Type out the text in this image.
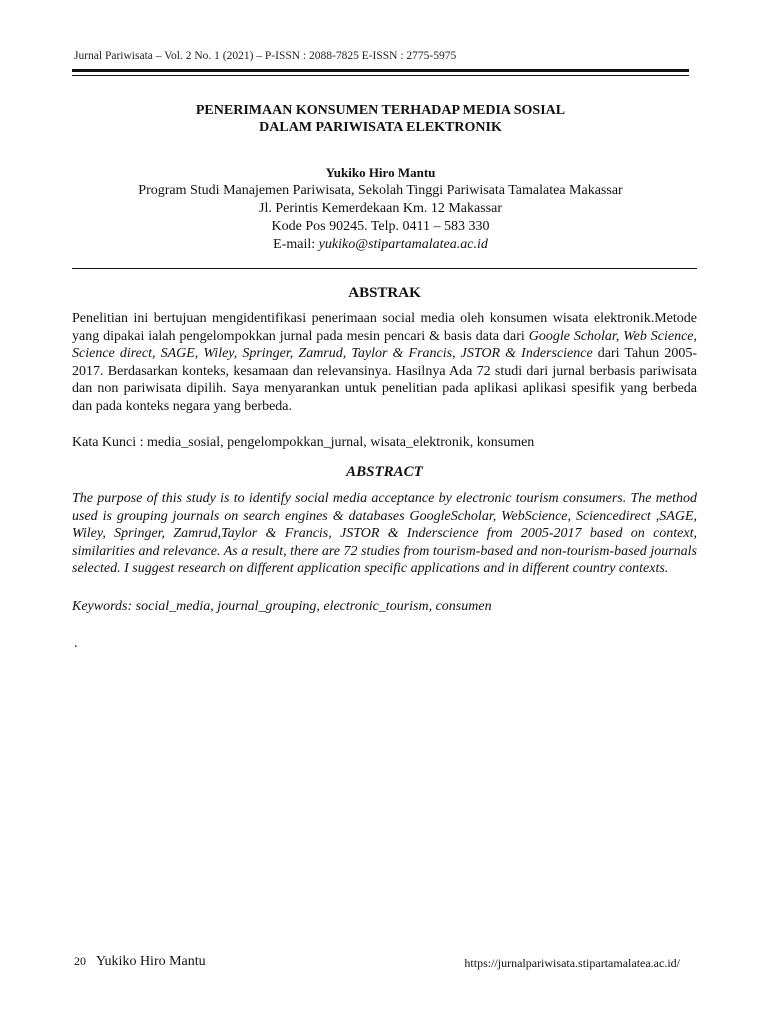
Jurnal Pariwisata – Vol. 2 No. 1 (2021) – P-ISSN : 2088-7825 E-ISSN : 2775-5975
PENERIMAAN KONSUMEN TERHADAP MEDIA SOSIAL
DALAM PARIWISATA ELEKTRONIK
Yukiko Hiro Mantu
Program Studi Manajemen Pariwisata, Sekolah Tinggi Pariwisata Tamalatea Makassar
Jl. Perintis Kemerdekaan Km. 12 Makassar
Kode Pos 90245. Telp. 0411 – 583 330
E-mail: yukiko@stipartamalatea.ac.id
ABSTRAK
Penelitian ini bertujuan mengidentifikasi penerimaan social media oleh konsumen wisata elektronik.Metode yang dipakai ialah pengelompokkan jurnal pada mesin pencari & basis data dari Google Scholar, Web Science, Science direct, SAGE, Wiley, Springer, Zamrud, Taylor & Francis, JSTOR & Inderscience dari Tahun 2005-2017. Berdasarkan konteks, kesamaan dan relevansinya. Hasilnya Ada 72 studi dari jurnal berbasis pariwisata dan non pariwisata dipilih. Saya menyarankan untuk penelitian pada aplikasi aplikasi spesifik yang berbeda dan pada konteks negara yang berbeda.
Kata Kunci : media_sosial, pengelompokkan_jurnal, wisata_elektronik, konsumen
ABSTRACT
The purpose of this study is to identify social media acceptance by electronic tourism consumers. The method used is grouping journals on search engines & databases GoogleScholar, WebScience, Sciencedirect ,SAGE, Wiley, Springer, Zamrud,Taylor & Francis, JSTOR & Inderscience from 2005-2017 based on context, similarities and relevance. As a result, there are 72 studies from tourism-based and non-tourism-based journals selected. I suggest research on different application specific applications and in different country contexts.
Keywords: social_media, journal_grouping, electronic_tourism, consumen
.
20 Yukiko Hiro Mantu	https://jurnalpariwisata.stipartamalatea.ac.id/
